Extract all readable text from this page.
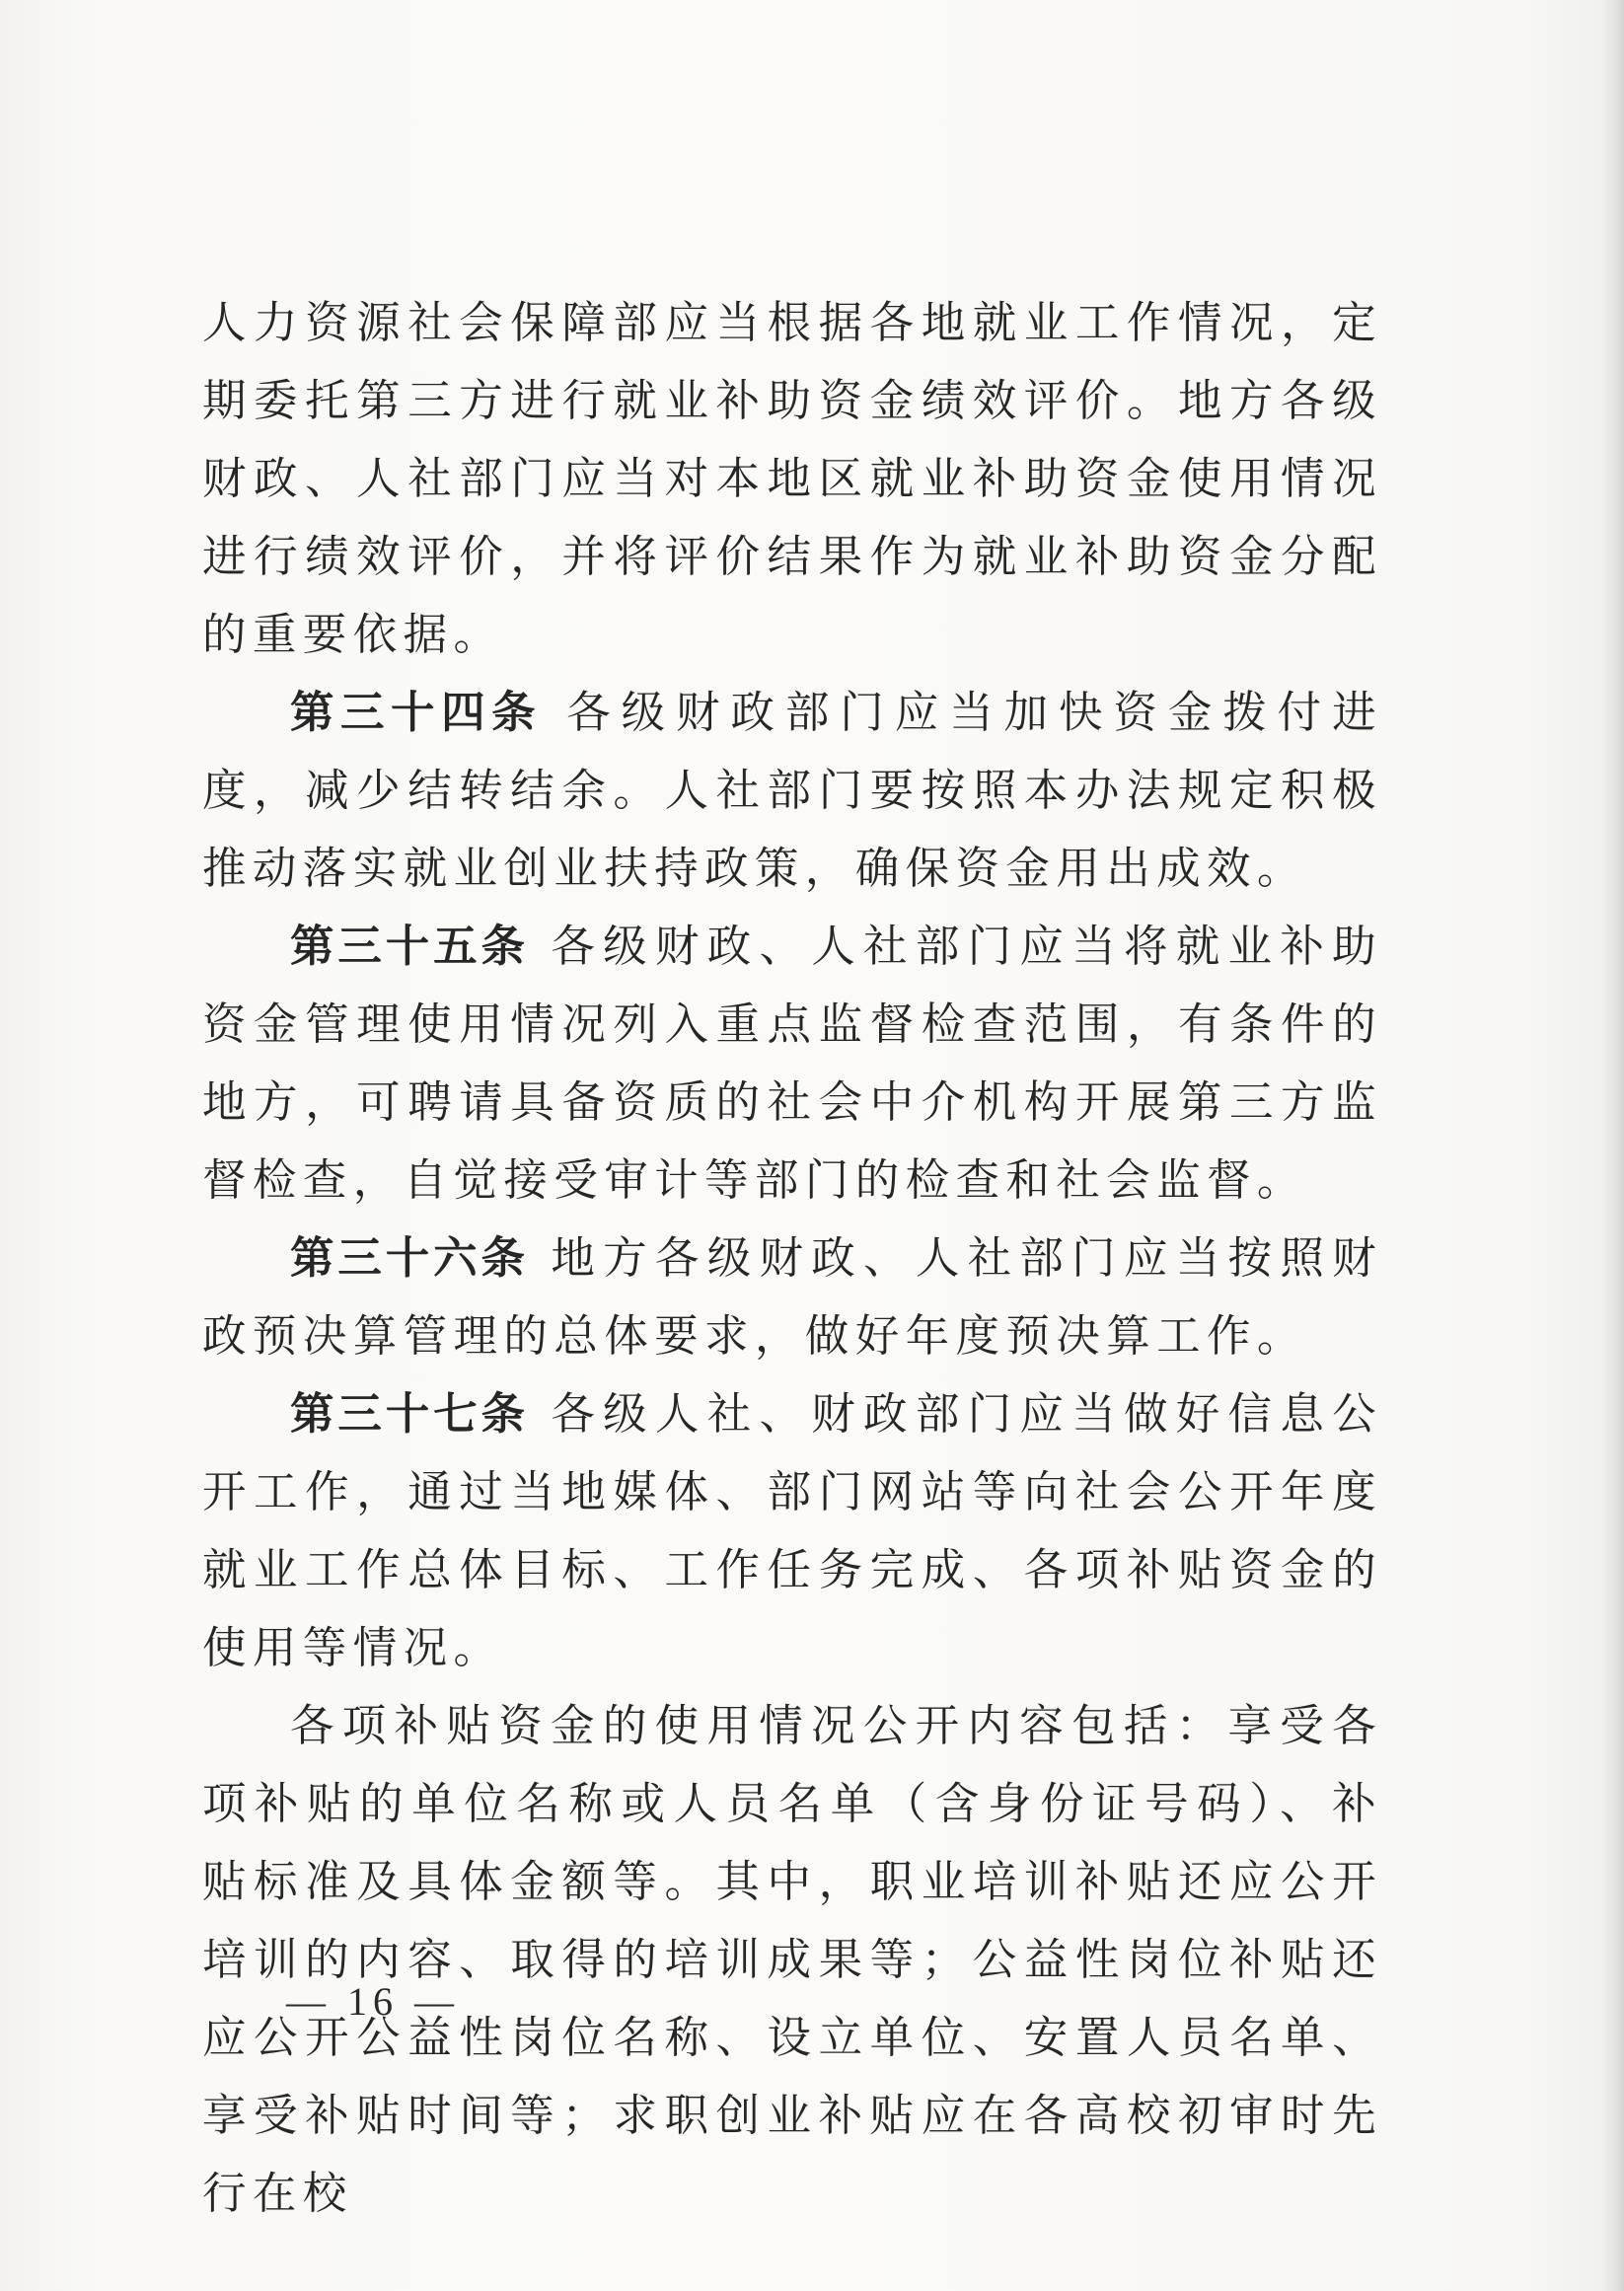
人力资源社会保障部应当根据各地就业工作情况，定期委托第三方进行就业补助资金绩效评价。地方各级财政、人社部门应当对本地区就业补助资金使用情况进行绩效评价，并将评价结果作为就业补助资金分配的重要依据。

第三十四条 各级财政部门应当加快资金拨付进度，减少结转结余。人社部门要按照本办法规定积极推动落实就业创业扶持政策，确保资金用出成效。

第三十五条 各级财政、人社部门应当将就业补助资金管理使用情况列入重点监督检查范围，有条件的地方，可聘请具备资质的社会中介机构开展第三方监督检查，自觉接受审计等部门的检查和社会监督。

第三十六条 地方各级财政、人社部门应当按照财政预决算管理的总体要求，做好年度预决算工作。

第三十七条 各级人社、财政部门应当做好信息公开工作，通过当地媒体、部门网站等向社会公开年度就业工作总体目标、工作任务完成、各项补贴资金的使用等情况。

各项补贴资金的使用情况公开内容包括：享受各项补贴的单位名称或人员名单（含身份证号码）、补贴标准及具体金额等。其中，职业培训补贴还应公开培训的内容、取得的培训成果等；公益性岗位补贴还应公开公益性岗位名称、设立单位、安置人员名单、享受补贴时间等；求职创业补贴应在各高校初审时先行在校

— 16 —
